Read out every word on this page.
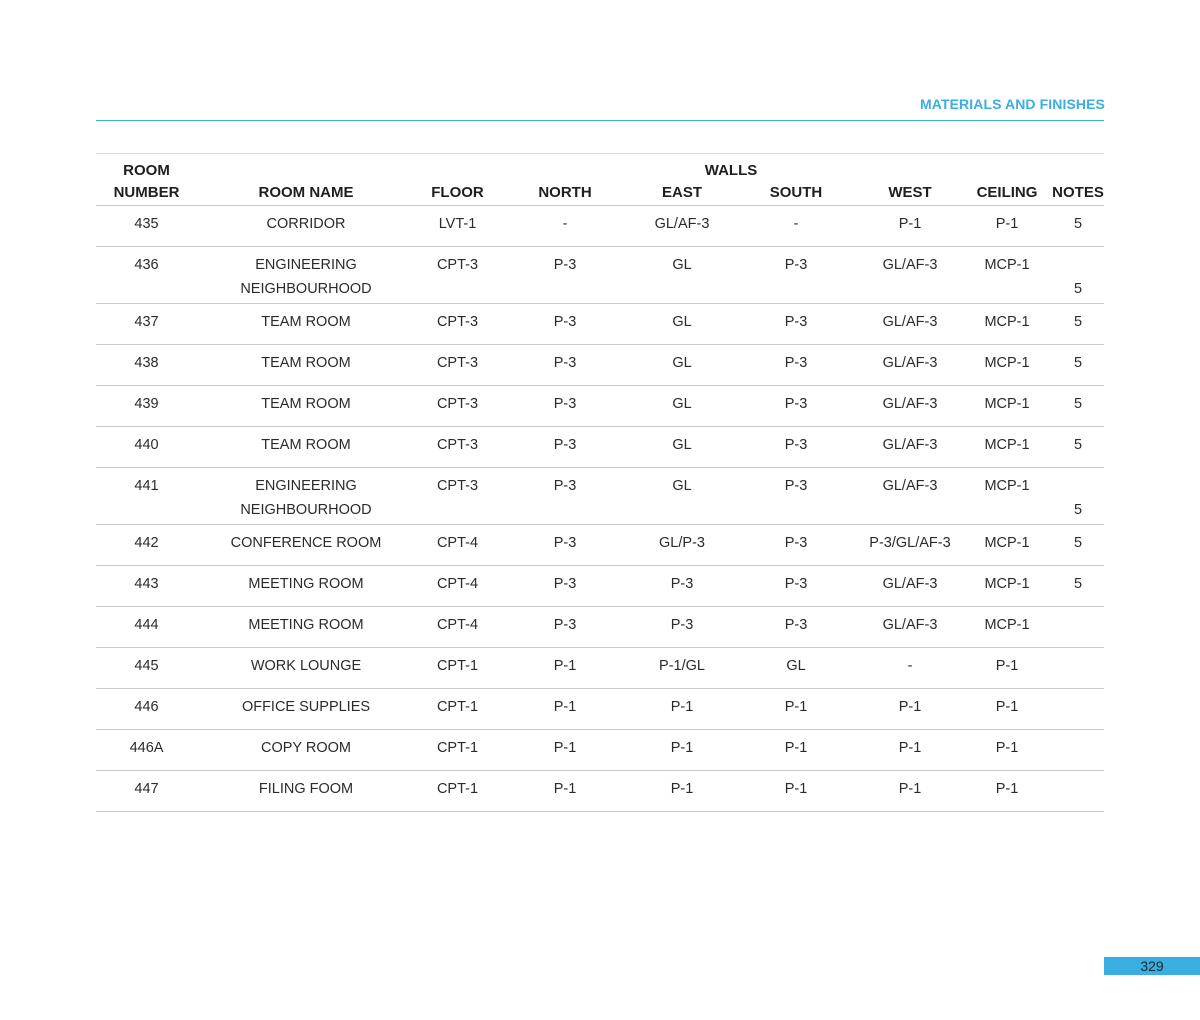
MATERIALS AND FINISHES
ROOM			WALLS					
NUMBER	ROOM NAME	FLOOR	NORTH	EAST	SOUTH	WEST	CEILING	NOTES
435	CORRIDOR	LVT-1	-	GL/AF-3	-	P-1	P-1	5
436	ENGINEERING
NEIGHBOURHOOD	CPT-3	P-3	GL	P-3	GL/AF-3	MCP-1	5
437	TEAM ROOM	CPT-3	P-3	GL	P-3	GL/AF-3	MCP-1	5
438	TEAM ROOM	CPT-3	P-3	GL	P-3	GL/AF-3	MCP-1	5
439	TEAM ROOM	CPT-3	P-3	GL	P-3	GL/AF-3	MCP-1	5
440	TEAM ROOM	CPT-3	P-3	GL	P-3	GL/AF-3	MCP-1	5
441	ENGINEERING
NEIGHBOURHOOD	CPT-3	P-3	GL	P-3	GL/AF-3	MCP-1	5
442	CONFERENCE ROOM	CPT-4	P-3	GL/P-3	P-3	P-3/GL/AF-3	MCP-1	5
443	MEETING ROOM	CPT-4	P-3	P-3	P-3	GL/AF-3	MCP-1	5
444	MEETING ROOM	CPT-4	P-3	P-3	P-3	GL/AF-3	MCP-1	
445	WORK LOUNGE	CPT-1	P-1	P-1/GL	GL	-	P-1	
446	OFFICE SUPPLIES	CPT-1	P-1	P-1	P-1	P-1	P-1	
446A	COPY ROOM	CPT-1	P-1	P-1	P-1	P-1	P-1	
447	FILING FOOM	CPT-1	P-1	P-1	P-1	P-1	P-1	
329
